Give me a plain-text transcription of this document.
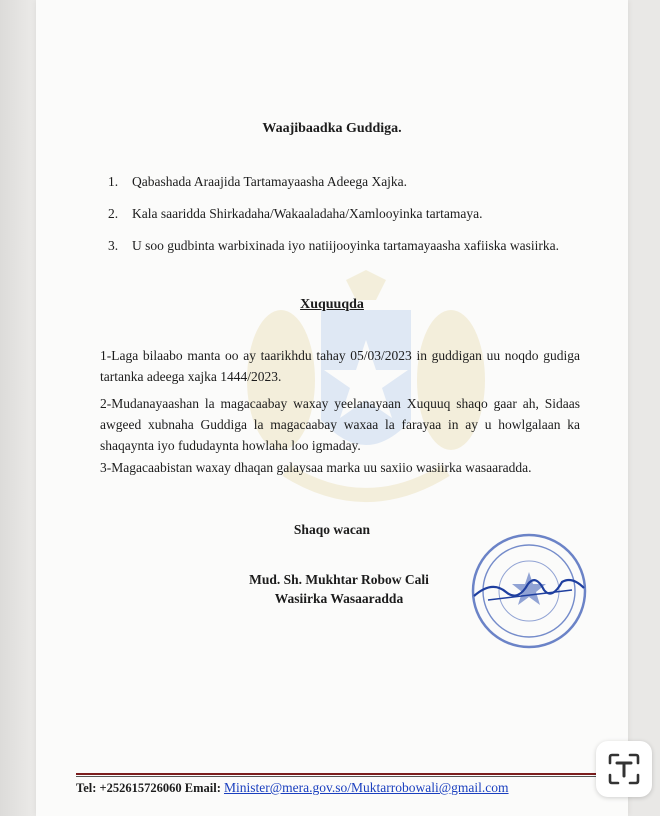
Waajibaadka Guddiga.
1.	Qabashada Araajida Tartamayaasha Adeega Xajka.
2.	Kala saaridda Shirkadaha/Wakaaladaha/Xamlooyinka tartamaya.
3.	U soo gudbinta warbixinada iyo natiijooyinka tartamayaasha xafiiska wasiirka.
Xuquuqda
1-Laga bilaabo manta oo ay taarikhdu tahay 05/03/2023 in guddigan uu noqdo gudiga tartanka adeega xajka 1444/2023.
2-Mudanayaashan la magacaabay waxay yeelanayaan Xuquuq shaqo gaar ah, Sidaas awgeed xubnaha Guddiga la magacaabay waxaa la farayaa in ay u howlgalaan ka shaqaynta iyo fududaynta howlaha loo igmaday.
3-Magacaabistan waxay dhaqan galaysaa marka uu saxiio wasiirka wasaaradda.
Shaqo wacan
Mud. Sh. Mukhtar Robow Cali
Wasiirka Wasaaradda
Tel: +252615726060 Email: Minister@mera.gov.so/Muktarrobowali@gmail.com
